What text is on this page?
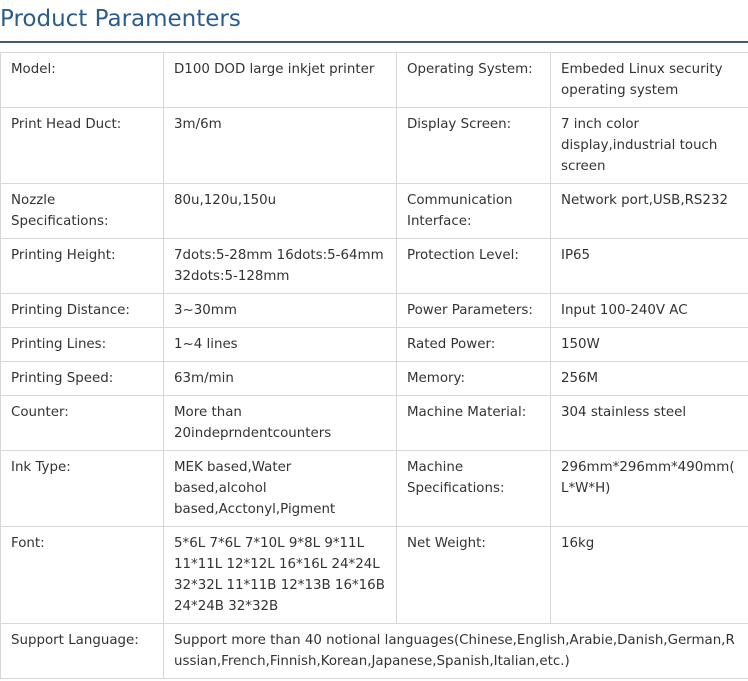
Product Paramenters
Model:	D100 DOD large inkjet printer	Operating System:	Embeded Linux security operating system
Print Head Duct:	3m/6m	Display Screen:	7 inch color display,industrial touch screen
Nozzle Specifications:	80u,120u,150u	Communication Interface:	Network port,USB,RS232
Printing Height:	7dots:5-28mm 16dots:5-64mm 32dots:5-128mm	Protection Level:	IP65
Printing Distance:	3~30mm	Power Parameters:	Input 100-240V AC
Printing Lines:	1~4 lines	Rated Power:	150W
Printing Speed:	63m/min	Memory:	256M
Counter:	More than 20indeprndentcounters	Machine Material:	304 stainless steel
Ink Type:	MEK based,Water based,alcohol based,Acctonyl,Pigment	Machine Specifications:	296mm*296mm*490mm( L*W*H)
Font:	5*6L 7*6L 7*10L 9*8L 9*11L 11*11L 12*12L 16*16L 24*24L 32*32L 11*11B 12*13B 16*16B 24*24B 32*32B	Net Weight:	16kg
Support Language:	Support more than 40 notional languages(Chinese,English,Arabie,Danish,German,Russian,French,Finnish,Korean,Japanese,Spanish,Italian,etc.)		
